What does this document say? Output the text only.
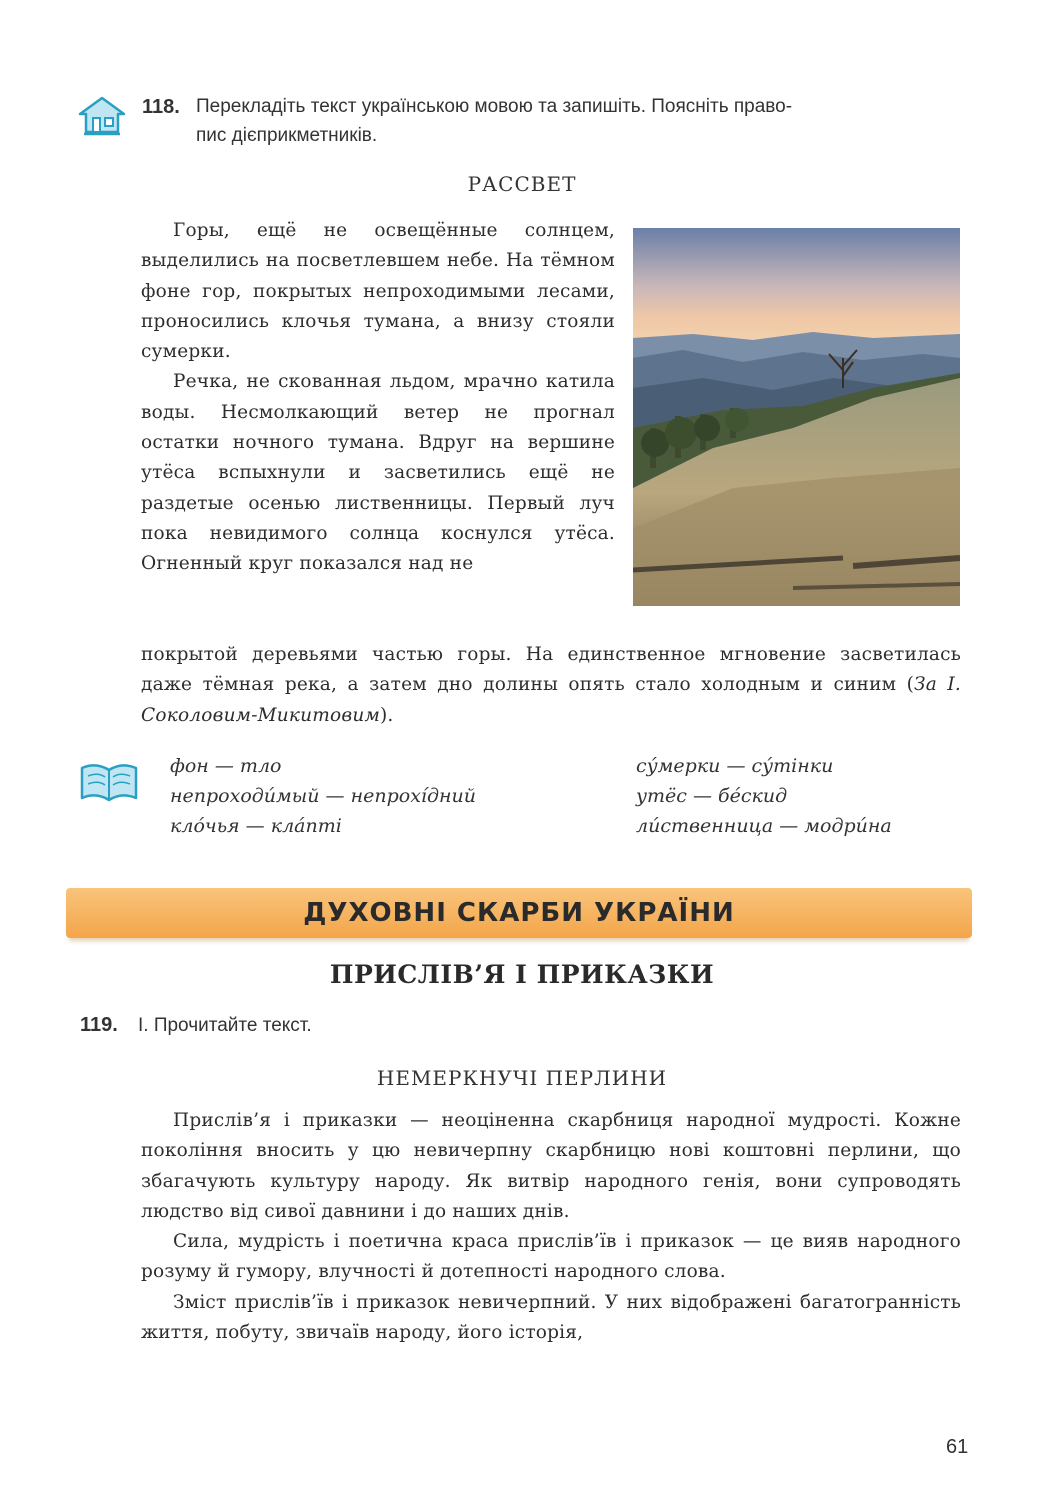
118. Перекладіть текст українською мовою та запишіть. Поясніть право-
пис дієприкметників.
РАССВЕТ

Горы, ещё не освещённые солнцем, выделились на посветлевшем небе. На тёмном фоне гор, покрытых непроходимыми лесами, проносились клочья тумана, а внизу стояли сумерки.

Речка, не скованная льдом, мрачно катила воды. Несмолкающий ветер не прогнал остатки ночного тумана. Вдруг на вершине утёса вспыхнули и засветились ещё не раздетые осенью лиственницы. Первый луч пока невидимого солнца коснулся утёса. Огненный круг показался над не

покрытой деревьями частью горы. На единственное мгновение засветилась даже тёмная река, а затем дно долины опять стало холодным и синим (За І. Соколовим-Микитовим).
фон — тло
непроходи́мый — непрохі́дний
кло́чья — кла́пті
су́мерки — су́тінки
утёс — бе́скид
ли́ственница — модри́на
ДУХОВНІ СКАРБИ УКРАЇНИ
ПРИСЛІВ’Я І ПРИКАЗКИ
119. І. Прочитайте текст.
НЕМЕРКНУЧІ ПЕРЛИНИ

Прислів’я і приказки — неоціненна скарбниця народної мудрості. Кожне покоління вносить у цю невичерпну скарбницю нові коштовні перлини, що збагачують культуру народу. Як витвір народного генія, вони супроводять людство від сивої давнини і до наших днів.

Сила, мудрість і поетична краса прислів’їв і приказок — це вияв народного розуму й гумору, влучності й дотепності народного слова.

Зміст прислів’їв і приказок невичерпний. У них відображені багатогранність життя, побуту, звичаїв народу, його історія,

61
